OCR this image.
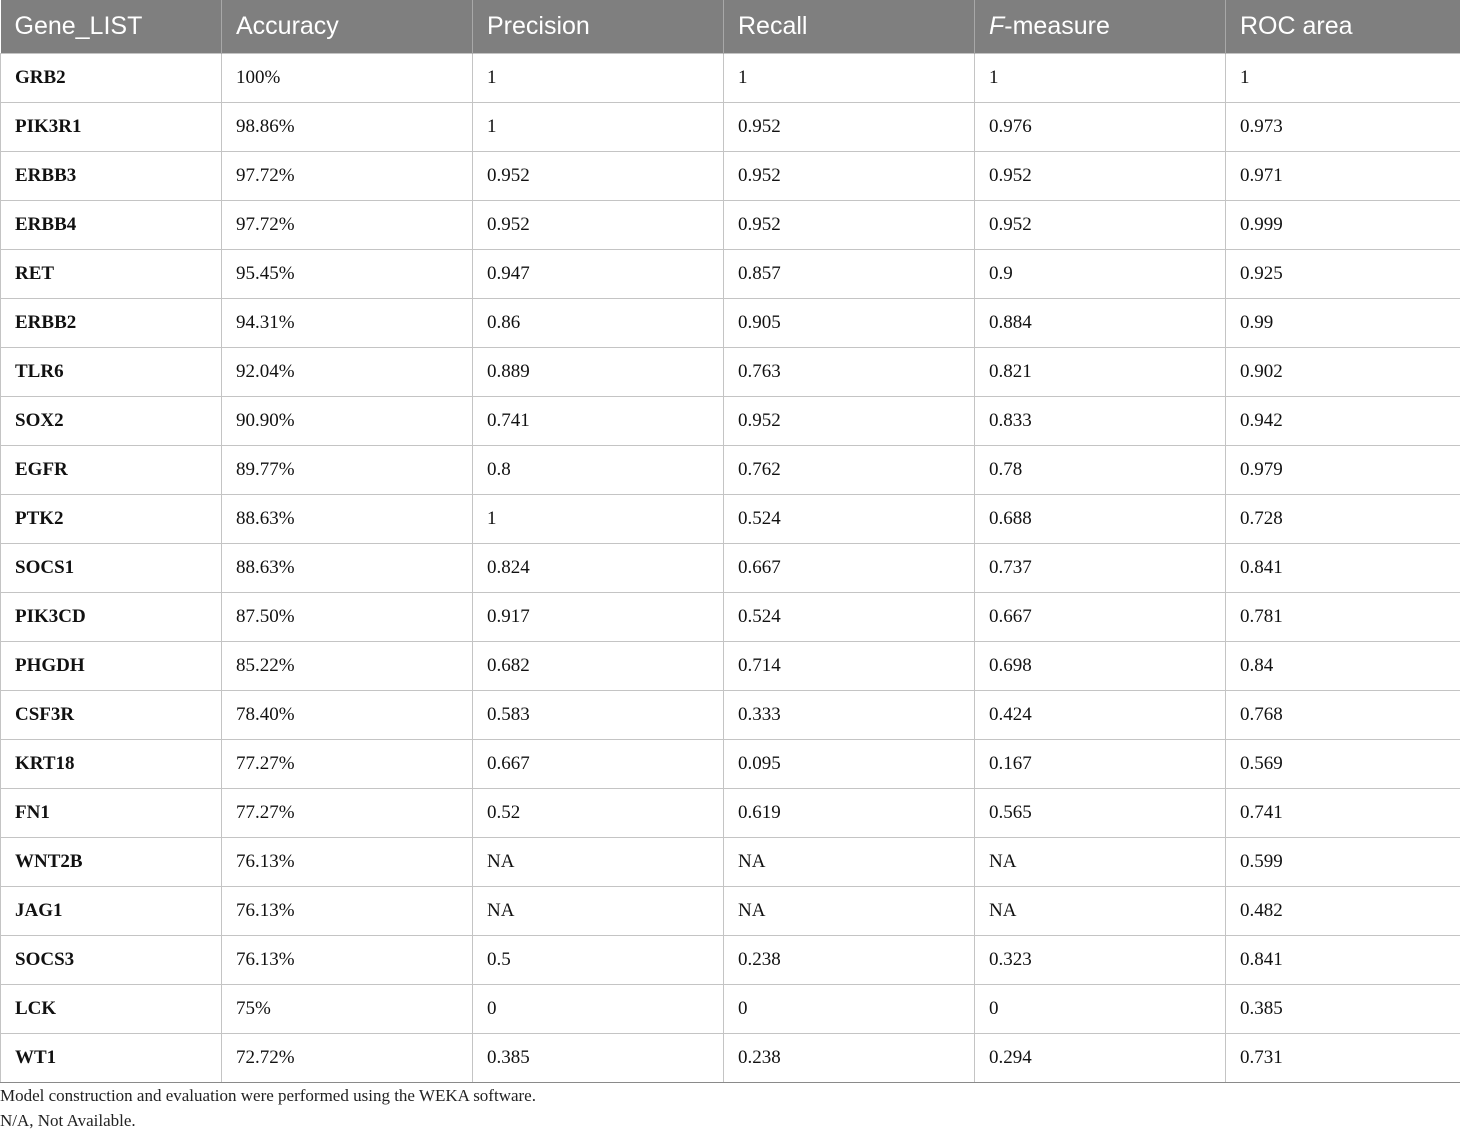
Gene_LIST	Accuracy	Precision	Recall	F-measure	ROC area
GRB2	100%	1	1	1	1
PIK3R1	98.86%	1	0.952	0.976	0.973
ERBB3	97.72%	0.952	0.952	0.952	0.971
ERBB4	97.72%	0.952	0.952	0.952	0.999
RET	95.45%	0.947	0.857	0.9	0.925
ERBB2	94.31%	0.86	0.905	0.884	0.99
TLR6	92.04%	0.889	0.763	0.821	0.902
SOX2	90.90%	0.741	0.952	0.833	0.942
EGFR	89.77%	0.8	0.762	0.78	0.979
PTK2	88.63%	1	0.524	0.688	0.728
SOCS1	88.63%	0.824	0.667	0.737	0.841
PIK3CD	87.50%	0.917	0.524	0.667	0.781
PHGDH	85.22%	0.682	0.714	0.698	0.84
CSF3R	78.40%	0.583	0.333	0.424	0.768
KRT18	77.27%	0.667	0.095	0.167	0.569
FN1	77.27%	0.52	0.619	0.565	0.741
WNT2B	76.13%	NA	NA	NA	0.599
JAG1	76.13%	NA	NA	NA	0.482
SOCS3	76.13%	0.5	0.238	0.323	0.841
LCK	75%	0	0	0	0.385
WT1	72.72%	0.385	0.238	0.294	0.731
Model construction and evaluation were performed using the WEKA software.
N/A, Not Available.
